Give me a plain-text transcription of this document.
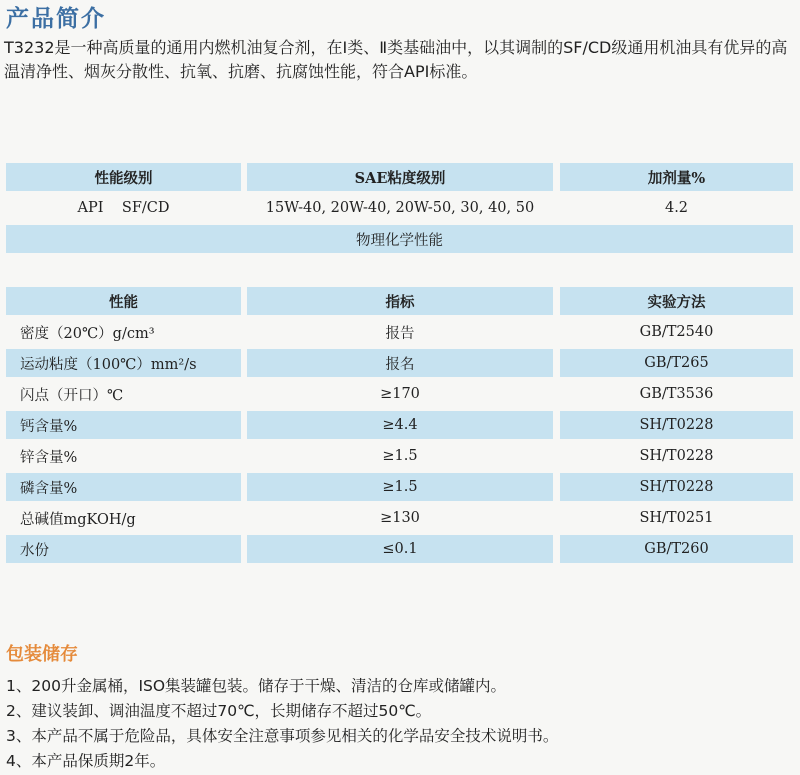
产品简介
T3232是一种高质量的通用内燃机油复合剂，在Ⅰ类、Ⅱ类基础油中，以其调制的SF/CD级通用机油具有优异的高温清净性、烟灰分散性、抗氧、抗磨、抗腐蚀性能，符合API标准。
性能级别	SAE粘度级别	加剂量%
API    SF/CD	15W-40, 20W-40, 20W-50, 30, 40, 50	4.2
物理化学性能
性能	指标	实验方法
密度（20℃）g/cm³	报告	GB/T2540
运动粘度（100℃）mm²/s	报名	GB/T265
闪点（开口）℃	≥170	GB/T3536
钙含量%	≥4.4	SH/T0228
锌含量%	≥1.5	SH/T0228
磷含量%	≥1.5	SH/T0228
总碱值mgKOH/g	≥130	SH/T0251
水份	≤0.1	GB/T260
包装储存
1、200升金属桶，ISO集装罐包装。储存于干燥、清洁的仓库或储罐内。
2、建议装卸、调油温度不超过70℃，长期储存不超过50℃。
3、本产品不属于危险品，具体安全注意事项参见相关的化学品安全技术说明书。
4、本产品保质期2年。
